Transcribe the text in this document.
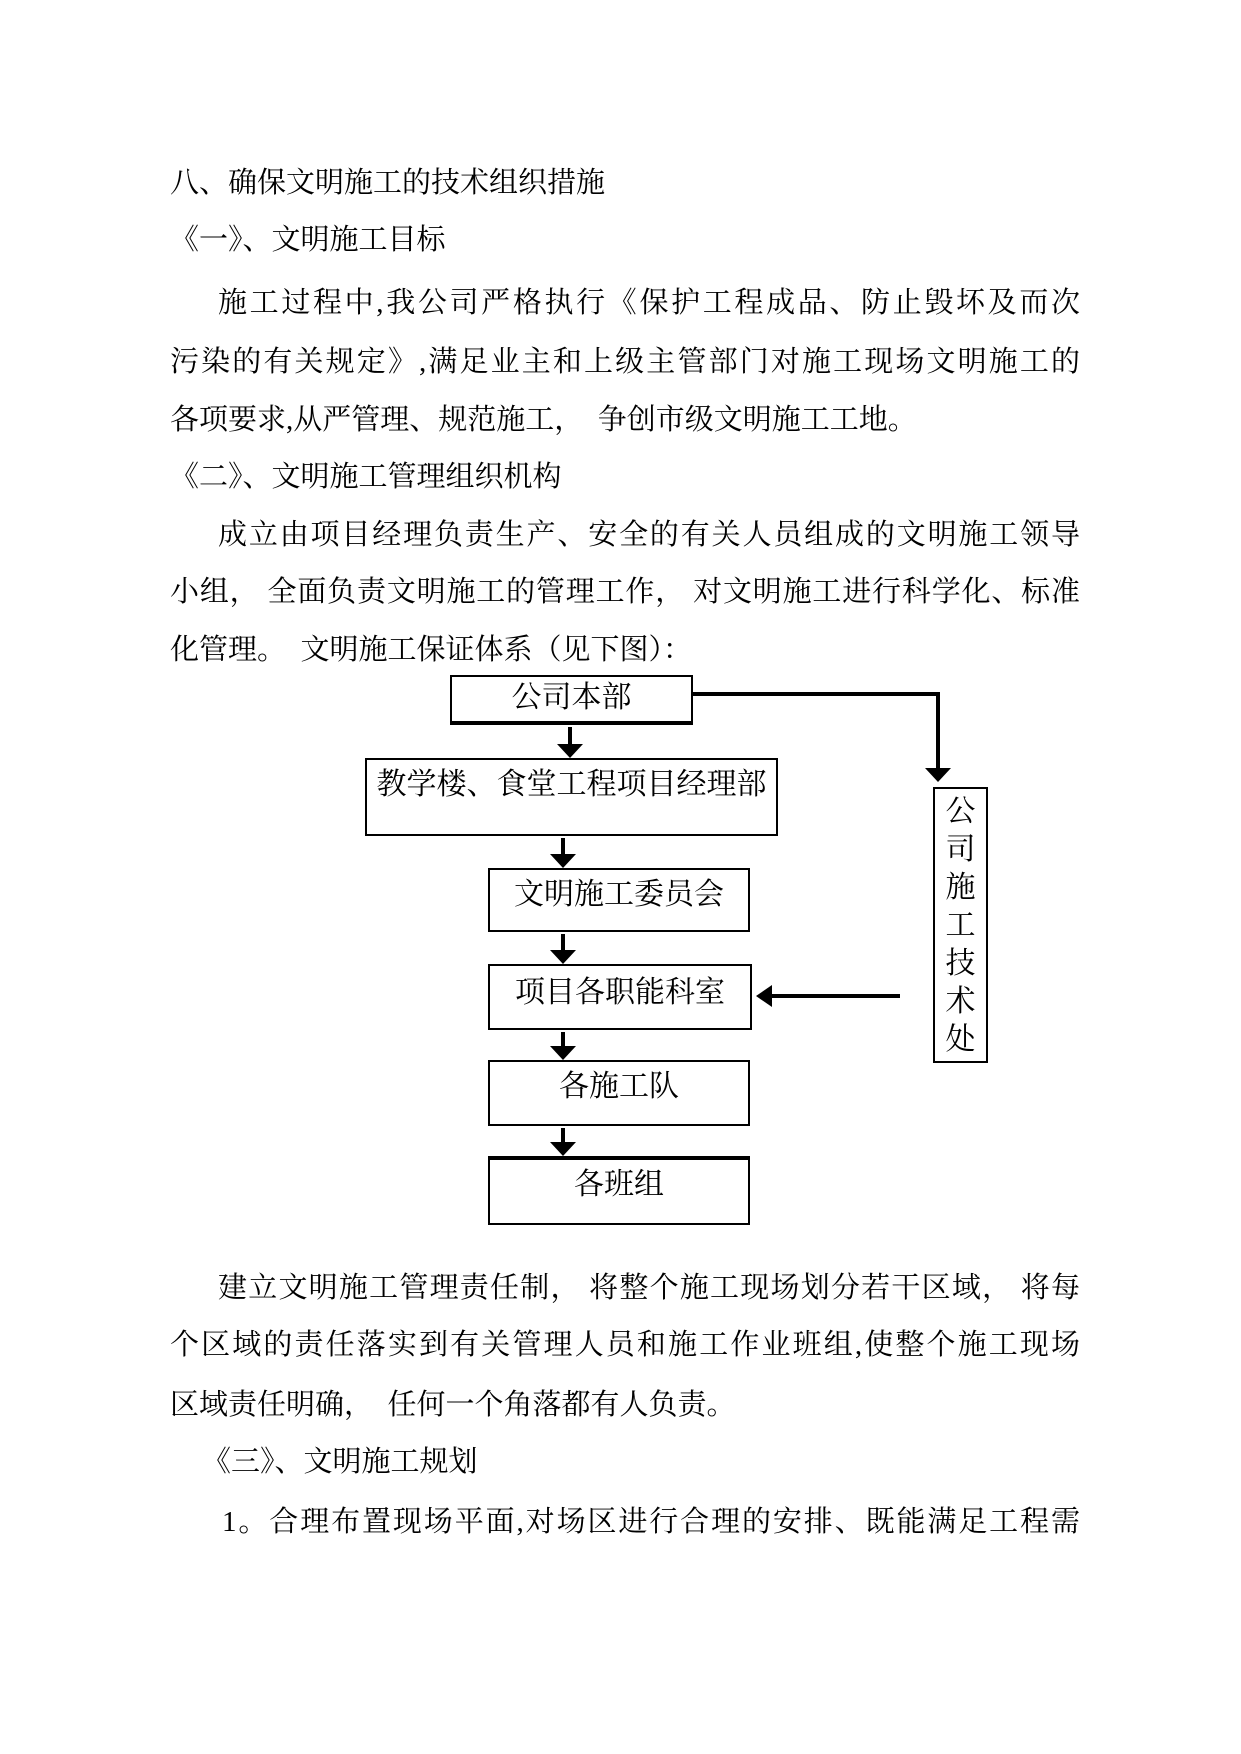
八、确保文明施工的技术组织措施
《一》、文明施工目标
施工过程中,我公司严格执行《保护工程成品、防止毁坏及而次
污染的有关规定》,满足业主和上级主管部门对施工现场文明施工的
各项要求,从严管理、规范施工，　争创市级文明施工工地。
《二》、文明施工管理组织机构
成立由项目经理负责生产、安全的有关人员组成的文明施工领导
小组， 全面负责文明施工的管理工作， 对文明施工进行科学化、标准
化管理。　文明施工保证体系（见下图）：
建立文明施工管理责任制， 将整个施工现场划分若干区域， 将每
个区域的责任落实到有关管理人员和施工作业班组,使整个施工现场
区域责任明确，　任何一个角落都有人负责。
《三》、文明施工规划
1。合理布置现场平面,对场区进行合理的安排、既能满足工程需
公司本部
教学楼、食堂工程项目经理部
文明施工委员会
项目各职能科室
各施工队
各班组
公司施工技术处
